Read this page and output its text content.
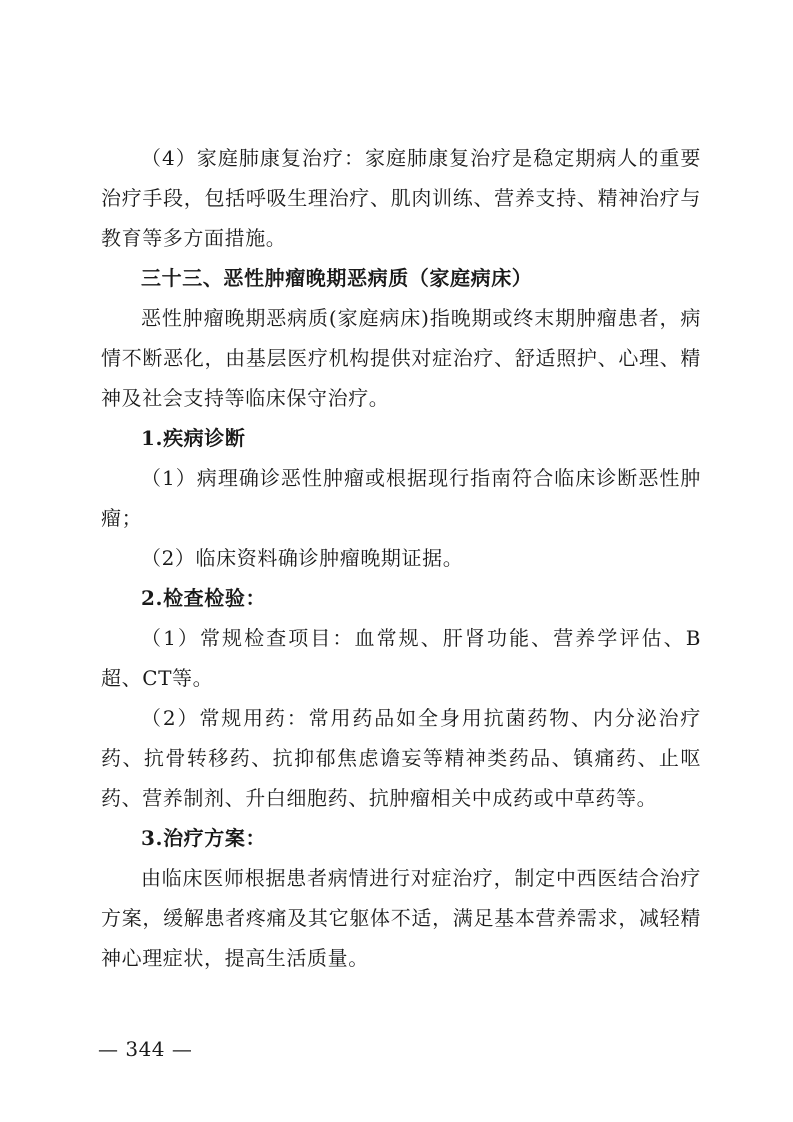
（4）家庭肺康复治疗：家庭肺康复治疗是稳定期病人的重要治疗手段，包括呼吸生理治疗、肌肉训练、营养支持、精神治疗与教育等多方面措施。

三十三、恶性肿瘤晚期恶病质（家庭病床）

恶性肿瘤晚期恶病质(家庭病床)指晚期或终末期肿瘤患者，病情不断恶化，由基层医疗机构提供对症治疗、舒适照护、心理、精神及社会支持等临床保守治疗。

1.疾病诊断

（1）病理确诊恶性肿瘤或根据现行指南符合临床诊断恶性肿瘤；

（2）临床资料确诊肿瘤晚期证据。

2.检查检验：

（1）常规检查项目：血常规、肝肾功能、营养学评估、B超、CT等。

（2）常规用药：常用药品如全身用抗菌药物、内分泌治疗药、抗骨转移药、抗抑郁焦虑谵妄等精神类药品、镇痛药、止呕药、营养制剂、升白细胞药、抗肿瘤相关中成药或中草药等。

3.治疗方案：

由临床医师根据患者病情进行对症治疗，制定中西医结合治疗方案，缓解患者疼痛及其它躯体不适，满足基本营养需求，减轻精神心理症状，提高生活质量。

— 344 —
